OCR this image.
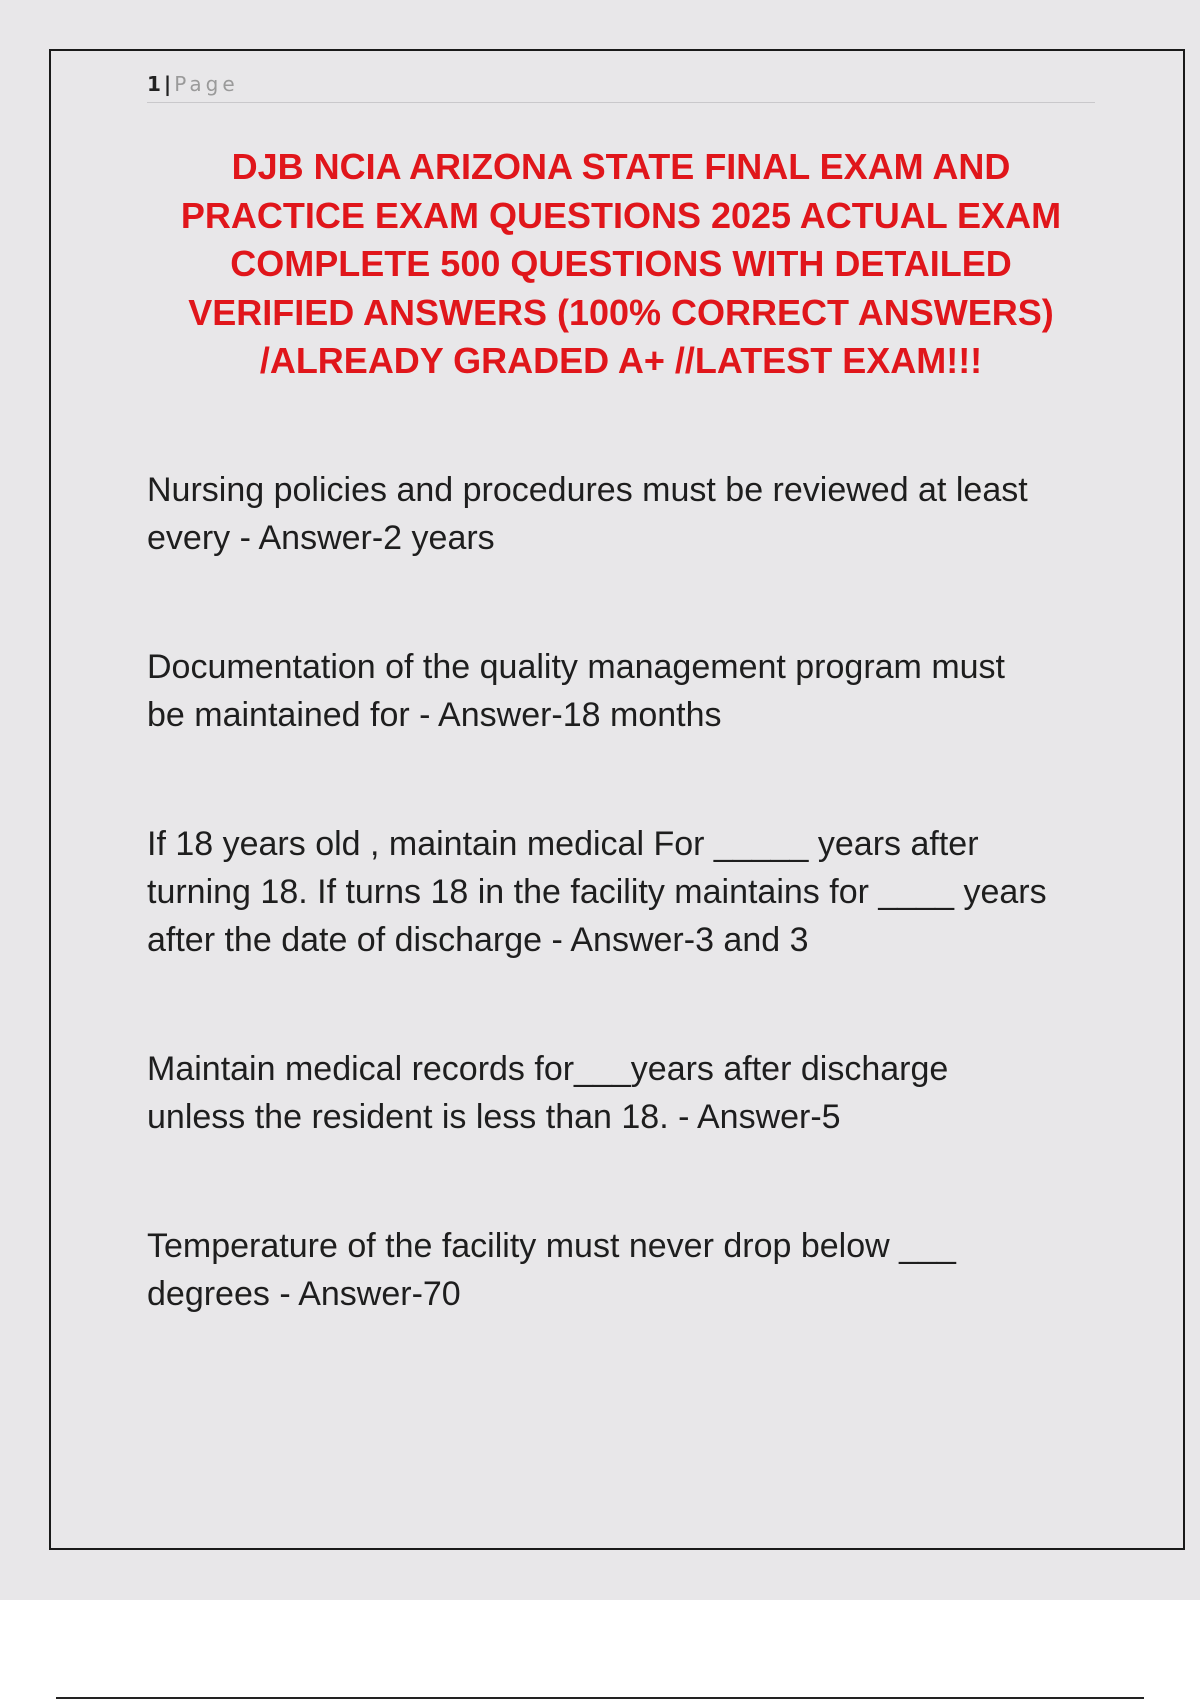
1 | Page
DJB NCIA ARIZONA STATE FINAL EXAM AND
PRACTICE EXAM QUESTIONS 2025 ACTUAL EXAM
COMPLETE 500 QUESTIONS WITH DETAILED
VERIFIED ANSWERS (100% CORRECT ANSWERS)
/ALREADY GRADED A+ //LATEST EXAM!!!
Nursing policies and procedures must be reviewed at least
every - Answer-2 years
Documentation of the quality management program must
be maintained for - Answer-18 months
If 18 years old , maintain medical For _____ years after
turning 18. If turns 18 in the facility maintains for ____ years
after the date of discharge - Answer-3 and 3
Maintain medical records for___years after discharge
unless the resident is less than 18. - Answer-5
Temperature of the facility must never drop below ___
degrees - Answer-70
